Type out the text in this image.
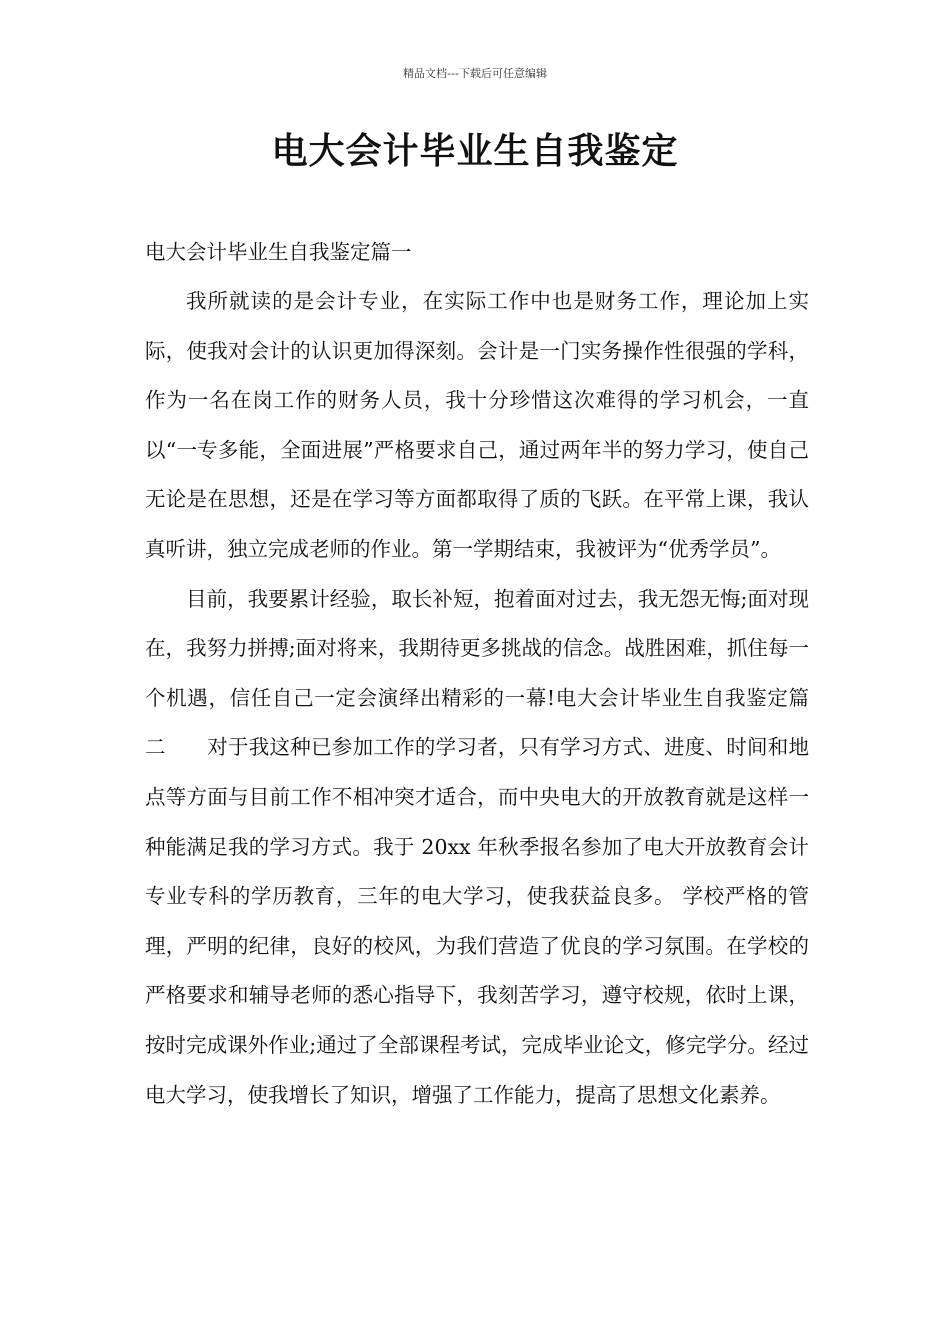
精品文档---下载后可任意编辑
电大会计毕业生自我鉴定

电大会计毕业生自我鉴定篇一

我所就读的是会计专业，在实际工作中也是财务工作，理论加上实际，使我对会计的认识更加得深刻。会计是一门实务操作性很强的学科，作为一名在岗工作的财务人员，我十分珍惜这次难得的学习机会，一直以“一专多能，全面进展”严格要求自己，通过两年半的努力学习，使自己无论是在思想，还是在学习等方面都取得了质的飞跃。在平常上课，我认真听讲，独立完成老师的作业。第一学期结束，我被评为“优秀学员”。

目前，我要累计经验，取长补短，抱着面对过去，我无怨无悔;面对现在，我努力拼搏;面对将来，我期待更多挑战的信念。战胜困难，抓住每一个机遇，信任自己一定会演绎出精彩的一幕!电大会计毕业生自我鉴定篇二　　对于我这种已参加工作的学习者，只有学习方式、进度、时间和地点等方面与目前工作不相冲突才适合，而中央电大的开放教育就是这样一种能满足我的学习方式。我于 20xx 年秋季报名参加了电大开放教育会计专业专科的学历教育，三年的电大学习，使我获益良多。 学校严格的管理，严明的纪律，良好的校风，为我们营造了优良的学习氛围。在学校的严格要求和辅导老师的悉心指导下，我刻苦学习，遵守校规，依时上课，按时完成课外作业;通过了全部课程考试，完成毕业论文，修完学分。经过电大学习，使我增长了知识，增强了工作能力，提高了思想文化素养。
